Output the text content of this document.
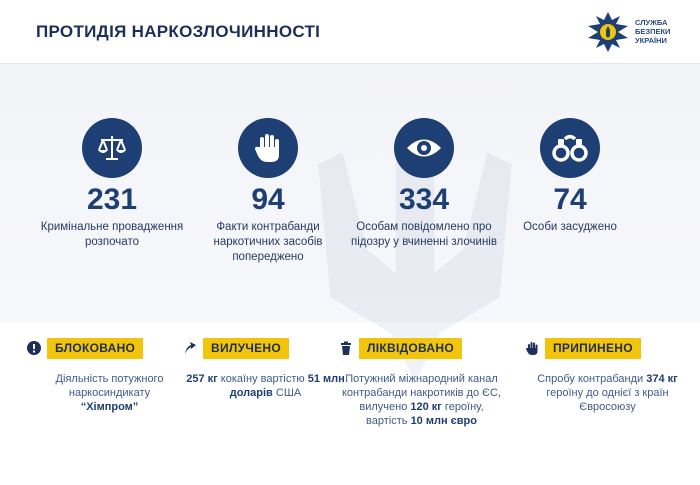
ПРОТИДІЯ НАРКОЗЛОЧИННОСТІ	СЛУЖБА
БЕЗПЕКИ
УКРАЇНИ
231
Кримінальне провадження розпочато
94
Факти контрабанди наркотичних засобів попереджено
334
Особам повідомлено про підозру у вчиненні злочинів
74
Особи засуджено
БЛОКОВАНО
Діяльність потужного наркосиндикату
“Хімпром”
ВИЛУЧЕНО
257 кг кокаїну вартістю 51 млн доларів США
ЛІКВІДОВАНО
Потужний міжнародний канал контрабанди накротиків до ЄС, вилучено 120 кг героїну, вартість 10 млн євро
ПРИПИНЕНО
Спробу контрабанди 374 кг героїну до однієї з країн Євросоюзу
